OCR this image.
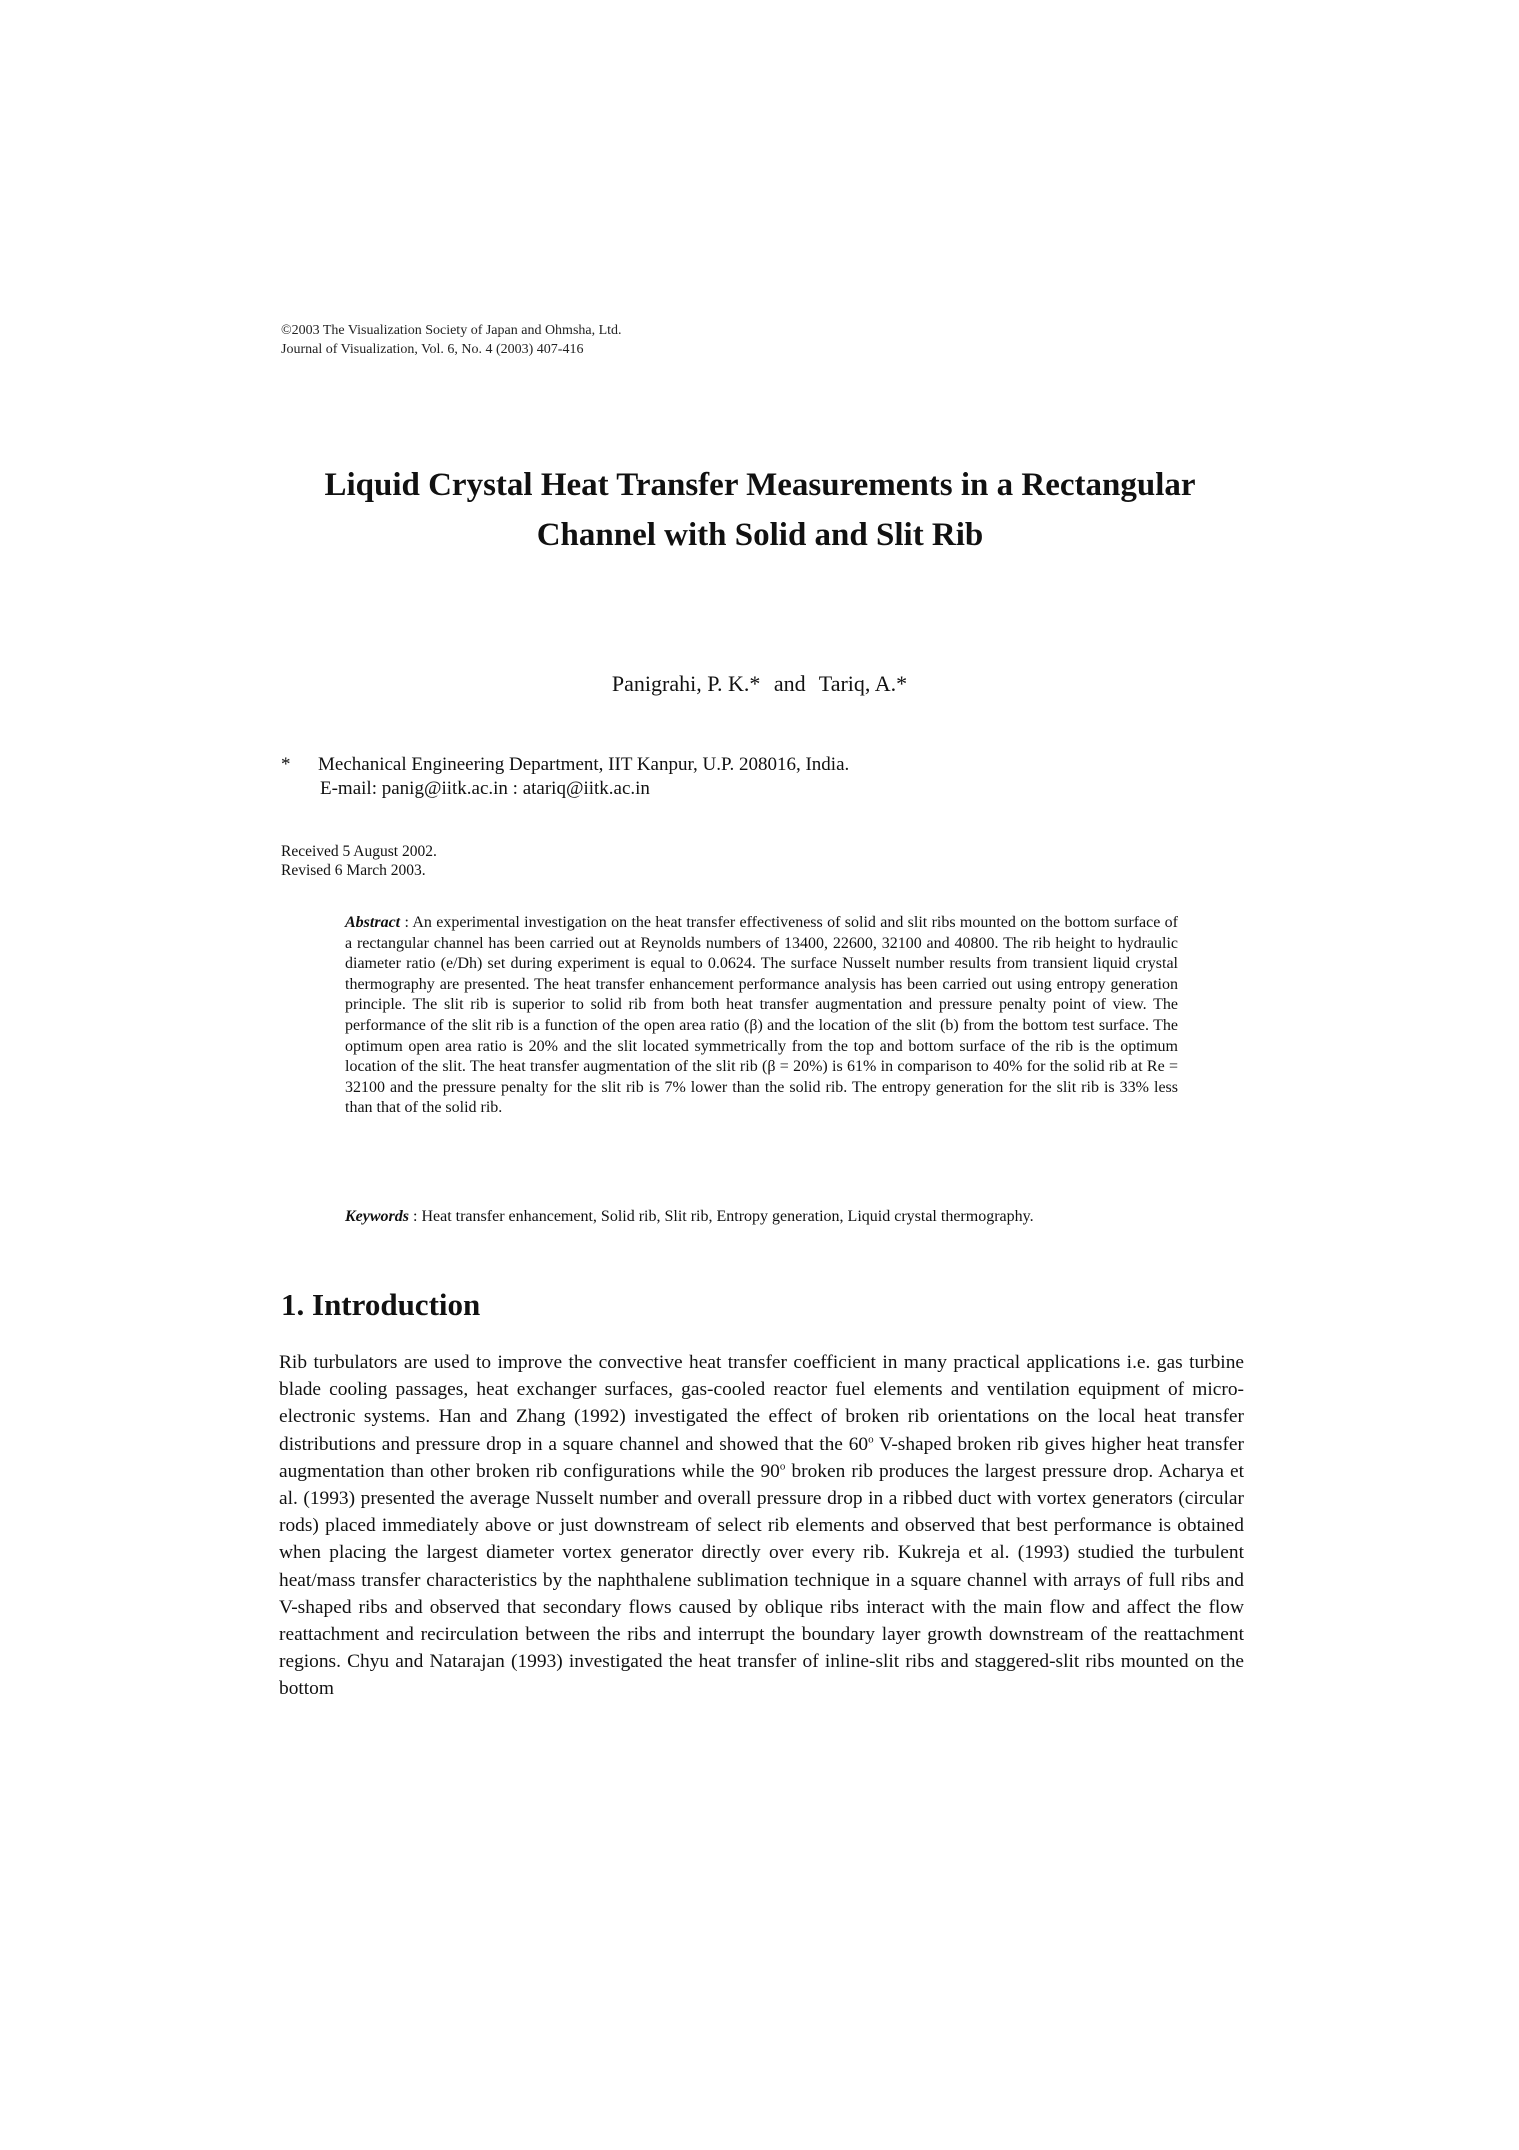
©2003 The Visualization Society of Japan and Ohmsha, Ltd.
Journal of Visualization, Vol. 6, No. 4 (2003) 407-416
Liquid Crystal Heat Transfer Measurements in a Rectangular
Channel with Solid and Slit Rib
Panigrahi, P. K.* and Tariq, A.*
* Mechanical Engineering Department, IIT Kanpur, U.P. 208016, India.
E-mail: panig@iitk.ac.in : atariq@iitk.ac.in
Received 5 August 2002.
Revised 6 March 2003.
Abstract : An experimental investigation on the heat transfer effectiveness of solid and slit ribs mounted on the bottom surface of a rectangular channel has been carried out at Reynolds numbers of 13400, 22600, 32100 and 40800. The rib height to hydraulic diameter ratio (e/Dh) set during experiment is equal to 0.0624. The surface Nusselt number results from transient liquid crystal thermography are presented. The heat transfer enhancement performance analysis has been carried out using entropy generation principle. The slit rib is superior to solid rib from both heat transfer augmentation and pressure penalty point of view. The performance of the slit rib is a function of the open area ratio (β) and the location of the slit (b) from the bottom test surface. The optimum open area ratio is 20% and the slit located symmetrically from the top and bottom surface of the rib is the optimum location of the slit. The heat transfer augmentation of the slit rib (β = 20%) is 61% in comparison to 40% for the solid rib at Re = 32100 and the pressure penalty for the slit rib is 7% lower than the solid rib. The entropy generation for the slit rib is 33% less than that of the solid rib.
Keywords : Heat transfer enhancement, Solid rib, Slit rib, Entropy generation, Liquid crystal thermography.
1. Introduction

Rib turbulators are used to improve the convective heat transfer coefficient in many practical applications i.e. gas turbine blade cooling passages, heat exchanger surfaces, gas-cooled reactor fuel elements and ventilation equipment of micro-electronic systems. Han and Zhang (1992) investigated the effect of broken rib orientations on the local heat transfer distributions and pressure drop in a square channel and showed that the 60$^o$ V-shaped broken rib gives higher heat transfer augmentation than other broken rib configurations while the 90$^o$ broken rib produces the largest pressure drop. Acharya et al. (1993) presented the average Nusselt number and overall pressure drop in a ribbed duct with vortex generators (circular rods) placed immediately above or just downstream of select rib elements and observed that best performance is obtained when placing the largest diameter vortex generator directly over every rib. Kukreja et al. (1993) studied the turbulent heat/mass transfer characteristics by the naphthalene sublimation technique in a square channel with arrays of full ribs and V-shaped ribs and observed that secondary flows caused by oblique ribs interact with the main flow and affect the flow reattachment and recirculation between the ribs and interrupt the boundary layer growth downstream of the reattachment regions. Chyu and Natarajan (1993) investigated the heat transfer of inline-slit ribs and staggered-slit ribs mounted on the bottom
